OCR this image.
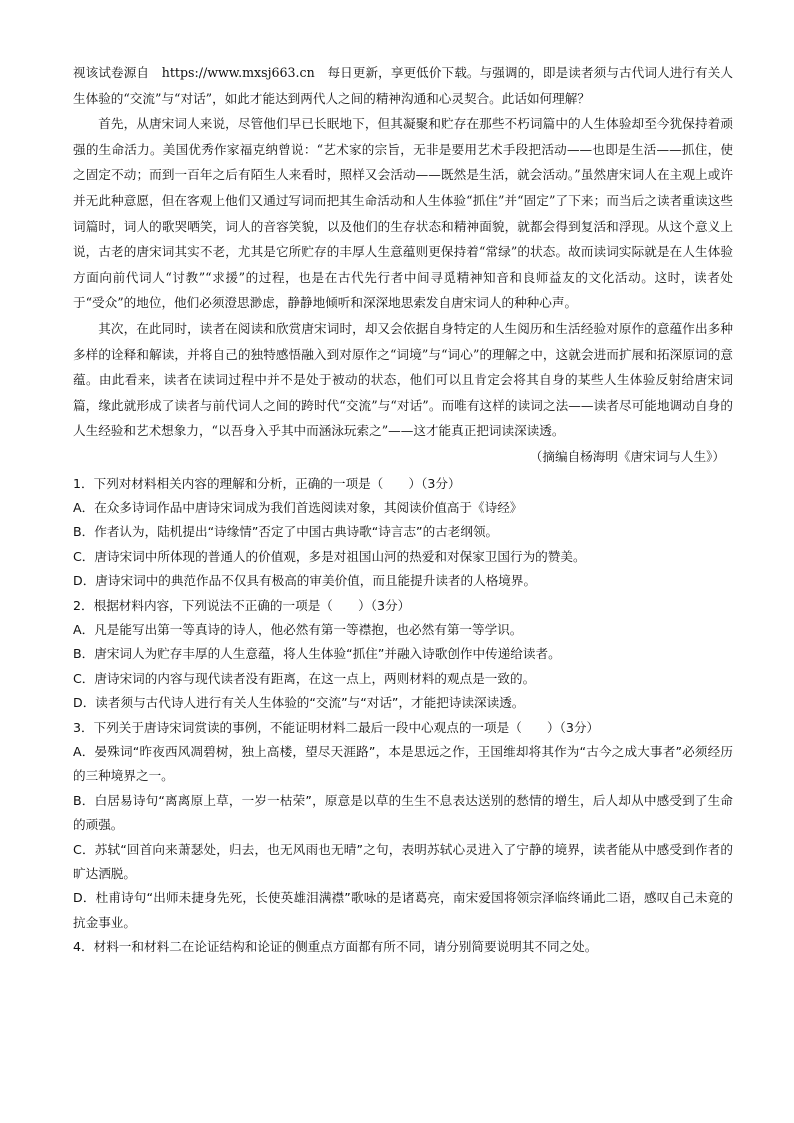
视该试卷源自　https://www.mxsj663.cn　每日更新，享更低价下载。与强调的，即是读者须与古代词人进行有关人生体验的“交流”与“对话”，如此才能达到两代人之间的精神沟通和心灵契合。此话如何理解？

首先，从唐宋词人来说，尽管他们早已长眠地下，但其凝聚和贮存在那些不朽词篇中的人生体验却至今犹保持着顽强的生命活力。美国优秀作家福克纳曾说：“艺术家的宗旨，无非是要用艺术手段把活动——也即是生活——抓住，使之固定不动；而到一百年之后有陌生人来看时，照样又会活动——既然是生活，就会活动。”虽然唐宋词人在主观上或许并无此种意愿，但在客观上他们又通过写词而把其生命活动和人生体验“抓住”并“固定”了下来；而当后之读者重读这些词篇时，词人的歌哭哂笑，词人的音容笑貌，以及他们的生存状态和精神面貌，就都会得到复活和浮现。从这个意义上说，古老的唐宋词其实不老，尤其是它所贮存的丰厚人生意蕴则更保持着“常绿”的状态。故而读词实际就是在人生体验方面向前代词人“讨教”“求援”的过程，也是在古代先行者中间寻觅精神知音和良师益友的文化活动。这时，读者处于“受众”的地位，他们必须澄思渺虑，静静地倾听和深深地思索发自唐宋词人的种种心声。

其次，在此同时，读者在阅读和欣赏唐宋词时，却又会依据自身特定的人生阅历和生活经验对原作的意蕴作出多种多样的诠释和解读，并将自己的独特感悟融入到对原作之“词境”与“词心”的理解之中，这就会进而扩展和拓深原词的意蕴。由此看来，读者在读词过程中并不是处于被动的状态，他们可以且肯定会将其自身的某些人生体验反射给唐宋词篇，缘此就形成了读者与前代词人之间的跨时代“交流”与“对话”。而唯有这样的读词之法——读者尽可能地调动自身的人生经验和艺术想象力，“以吾身入乎其中而涵泳玩索之”——这才能真正把词读深读透。

（摘编自杨海明《唐宋词与人生》）

1．下列对材料相关内容的理解和分析，正确的一项是（　　）（3分）

A．在众多诗词作品中唐诗宋词成为我们首选阅读对象，其阅读价值高于《诗经》

B．作者认为，陆机提出“诗缘情”否定了中国古典诗歌“诗言志”的古老纲领。

C．唐诗宋词中所体现的普通人的价值观，多是对祖国山河的热爱和对保家卫国行为的赞美。

D．唐诗宋词中的典范作品不仅具有极高的审美价值，而且能提升读者的人格境界。

2．根据材料内容，下列说法不正确的一项是（　　）（3分）

A．凡是能写出第一等真诗的诗人，他必然有第一等襟抱，也必然有第一等学识。

B．唐宋词人为贮存丰厚的人生意蕴，将人生体验“抓住”并融入诗歌创作中传递给读者。

C．唐诗宋词的内容与现代读者没有距离，在这一点上，两则材料的观点是一致的。

D．读者须与古代诗人进行有关人生体验的“交流”与“对话”，才能把诗读深读透。

3．下列关于唐诗宋词赏读的事例，不能证明材料二最后一段中心观点的一项是（　　）（3分）

A．晏殊词“昨夜西风凋碧树，独上高楼，望尽天涯路”，本是思远之作，王国维却将其作为“古今之成大事者”必须经历的三种境界之一。

B．白居易诗句“离离原上草，一岁一枯荣”，原意是以草的生生不息表达送别的愁情的增生，后人却从中感受到了生命的顽强。

C．苏轼“回首向来萧瑟处，归去，也无风雨也无晴”之句，表明苏轼心灵进入了宁静的境界，读者能从中感受到作者的旷达洒脱。

D．杜甫诗句“出师未捷身先死，长使英雄泪满襟”歌咏的是诸葛亮，南宋爱国将领宗泽临终诵此二语，感叹自己未竟的抗金事业。

4．材料一和材料二在论证结构和论证的侧重点方面都有所不同，请分别简要说明其不同之处。
